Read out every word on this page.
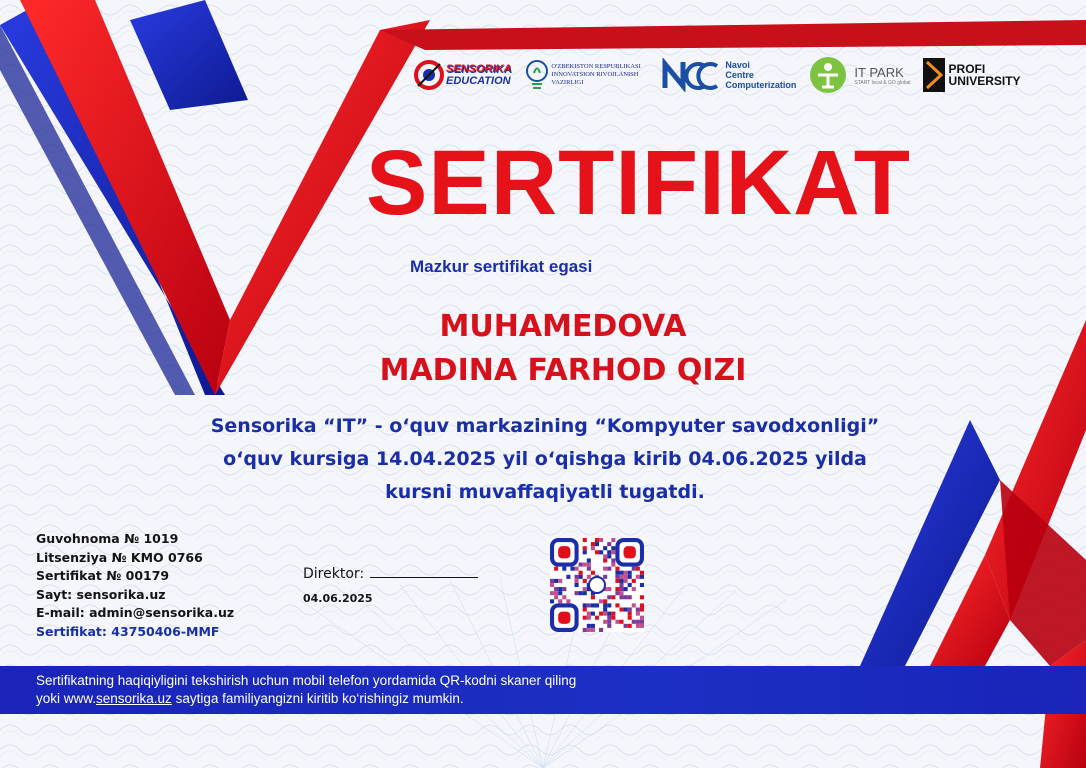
SENSORIKA
EDUCATION
O'ZBEKISTON RESPUBLIKASI
INNOVATSION RIVOJLANISH
VAZIRLIGI
Navoi
Centre
Computerization
IT PARK
START local & GO global
PROFI
UNIVERSITY
SERTIFIKAT
Mazkur sertifikat egasi
MUHAMEDOVA
MADINA FARHOD QIZI
Sensorika “IT” - o‘quv markazining “Kompyuter savodxonligi”
o‘quv kursiga 14.04.2025 yil o‘qishga kirib 04.06.2025 yilda
kursni muvaffaqiyatli tugatdi.
Guvohnoma № 1019
Litsenziya № KMO 0766
Sertifikat № 00179
Sayt: sensorika.uz
E-mail: admin@sensorika.uz
Sertifikat: 43750406-MMF
Direktor:
04.06.2025
Sertifikatning haqiqiyligini tekshirish uchun mobil telefon yordamida QR-kodni skaner qiling
yoki www.sensorika.uz saytiga familiyangizni kiritib ko‘rishingiz mumkin.
